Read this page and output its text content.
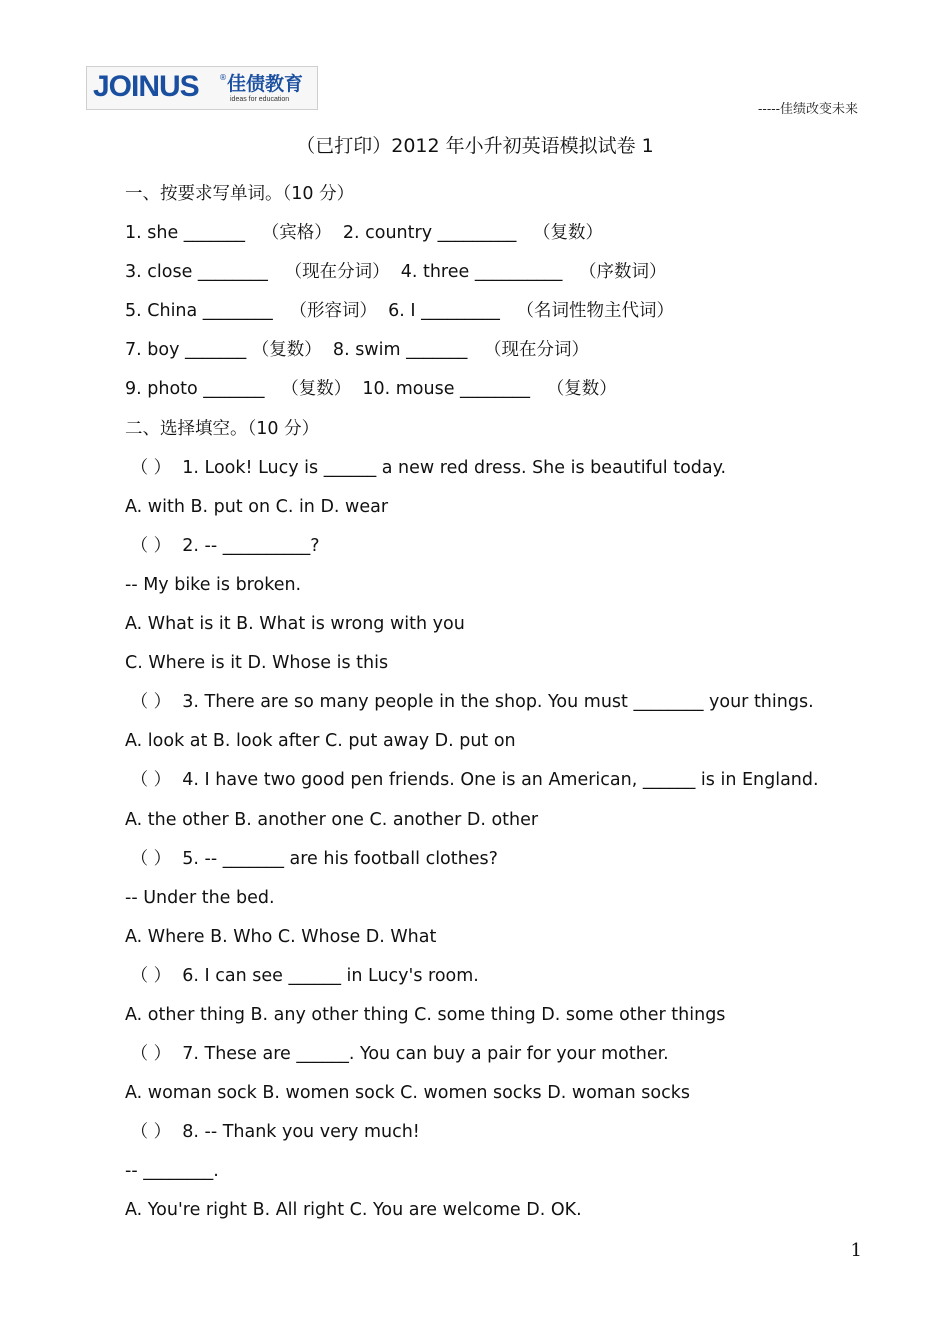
JOINUS	® 佳债教育
ideas for education
-----佳绩改变未来
（已打印）2012 年小升初英语模拟试卷 1
一、按要求写单词。（10 分）
1. she _______   （宾格）  2. country _________   （复数）
3. close ________   （现在分词）  4. three __________   （序数词）
5. China ________   （形容词）  6. I _________   （名词性物主代词）
7. boy _______ （复数）  8. swim _______   （现在分词）
9. photo _______   （复数）  10. mouse ________   （复数）
二、选择填空。（10 分）
（ ）  1. Look! Lucy is ______ a new red dress. She is beautiful today.
A. with B. put on C. in D. wear
（ ）  2. -- __________?
-- My bike is broken.
A. What is it B. What is wrong with you
C. Where is it D. Whose is this
（ ）  3. There are so many people in the shop. You must ________ your things.
A. look at B. look after C. put away D. put on
（ ）  4. I have two good pen friends. One is an American, ______ is in England.
A. the other B. another one C. another D. other
（ ）  5. -- _______ are his football clothes?
-- Under the bed.
A. Where B. Who C. Whose D. What
（ ）  6. I can see ______ in Lucy's room.
A. other thing B. any other thing C. some thing D. some other things
（ ）  7. These are ______. You can buy a pair for your mother.
A. woman sock B. women sock C. women socks D. woman socks
（ ）  8. -- Thank you very much!
-- ________.
A. You're right B. All right C. You are welcome D. OK.
1
